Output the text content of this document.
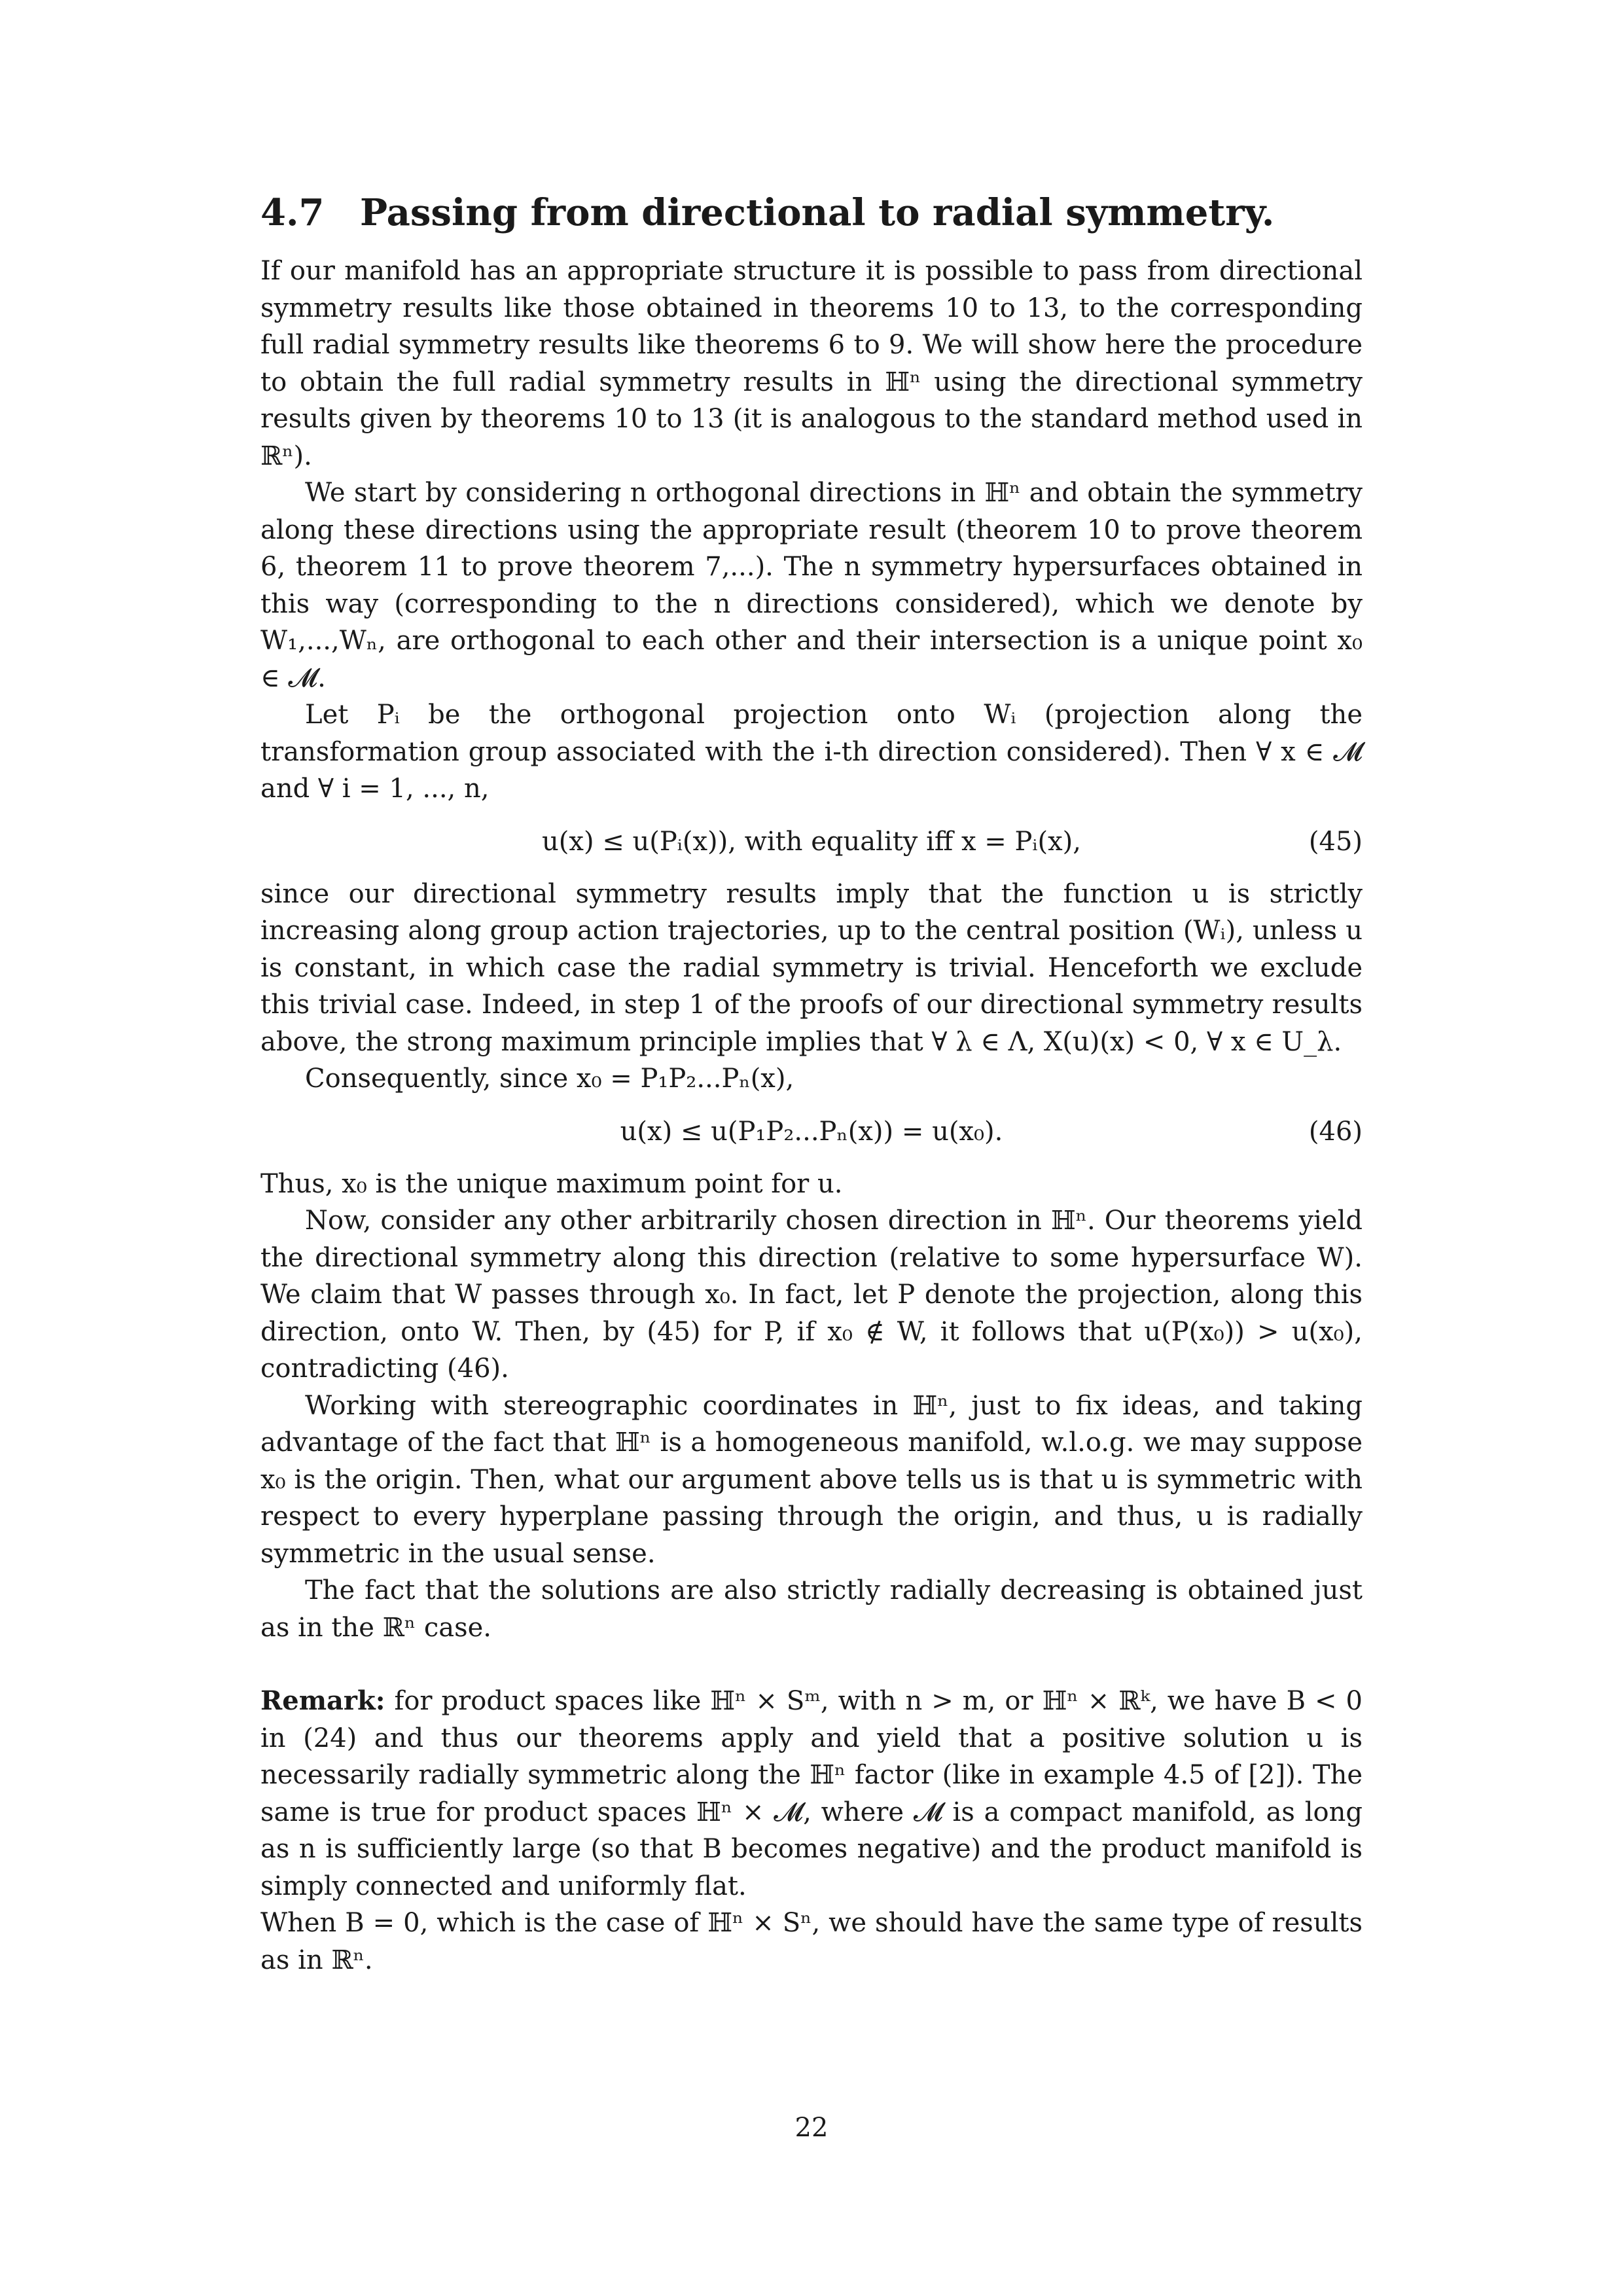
4.7 Passing from directional to radial symmetry.

If our manifold has an appropriate structure it is possible to pass from directional symmetry results like those obtained in theorems 10 to 13, to the corresponding full radial symmetry results like theorems 6 to 9. We will show here the procedure to obtain the full radial symmetry results in ℍⁿ using the directional symmetry results given by theorems 10 to 13 (it is analogous to the standard method used in ℝⁿ).

We start by considering n orthogonal directions in ℍⁿ and obtain the symmetry along these directions using the appropriate result (theorem 10 to prove theorem 6, theorem 11 to prove theorem 7,...). The n symmetry hypersurfaces obtained in this way (corresponding to the n directions considered), which we denote by W₁,...,Wₙ, are orthogonal to each other and their intersection is a unique point x₀ ∈ 𝓜.

Let Pᵢ be the orthogonal projection onto Wᵢ (projection along the transformation group associated with the i-th direction considered). Then ∀ x ∈ 𝓜 and ∀ i = 1, ..., n,

u(x) ≤ u(Pᵢ(x)), with equality iff x = Pᵢ(x),	(45)

since our directional symmetry results imply that the function u is strictly increasing along group action trajectories, up to the central position (Wᵢ), unless u is constant, in which case the radial symmetry is trivial. Henceforth we exclude this trivial case. Indeed, in step 1 of the proofs of our directional symmetry results above, the strong maximum principle implies that ∀ λ ∈ Λ, X(u)(x) < 0, ∀ x ∈ U_λ.

Consequently, since x₀ = P₁P₂...Pₙ(x),

u(x) ≤ u(P₁P₂...Pₙ(x)) = u(x₀).	(46)

Thus, x₀ is the unique maximum point for u.

Now, consider any other arbitrarily chosen direction in ℍⁿ. Our theorems yield the directional symmetry along this direction (relative to some hypersurface W). We claim that W passes through x₀. In fact, let P denote the projection, along this direction, onto W. Then, by (45) for P, if x₀ ∉ W, it follows that u(P(x₀)) > u(x₀), contradicting (46).

Working with stereographic coordinates in ℍⁿ, just to fix ideas, and taking advantage of the fact that ℍⁿ is a homogeneous manifold, w.l.o.g. we may suppose x₀ is the origin. Then, what our argument above tells us is that u is symmetric with respect to every hyperplane passing through the origin, and thus, u is radially symmetric in the usual sense.

The fact that the solutions are also strictly radially decreasing is obtained just as in the ℝⁿ case.

Remark: for product spaces like ℍⁿ × Sᵐ, with n > m, or ℍⁿ × ℝᵏ, we have B < 0 in (24) and thus our theorems apply and yield that a positive solution u is necessarily radially symmetric along the ℍⁿ factor (like in example 4.5 of [2]). The same is true for product spaces ℍⁿ × 𝓜, where 𝓜 is a compact manifold, as long as n is sufficiently large (so that B becomes negative) and the product manifold is simply connected and uniformly flat.

When B = 0, which is the case of ℍⁿ × Sⁿ, we should have the same type of results as in ℝⁿ.

22
